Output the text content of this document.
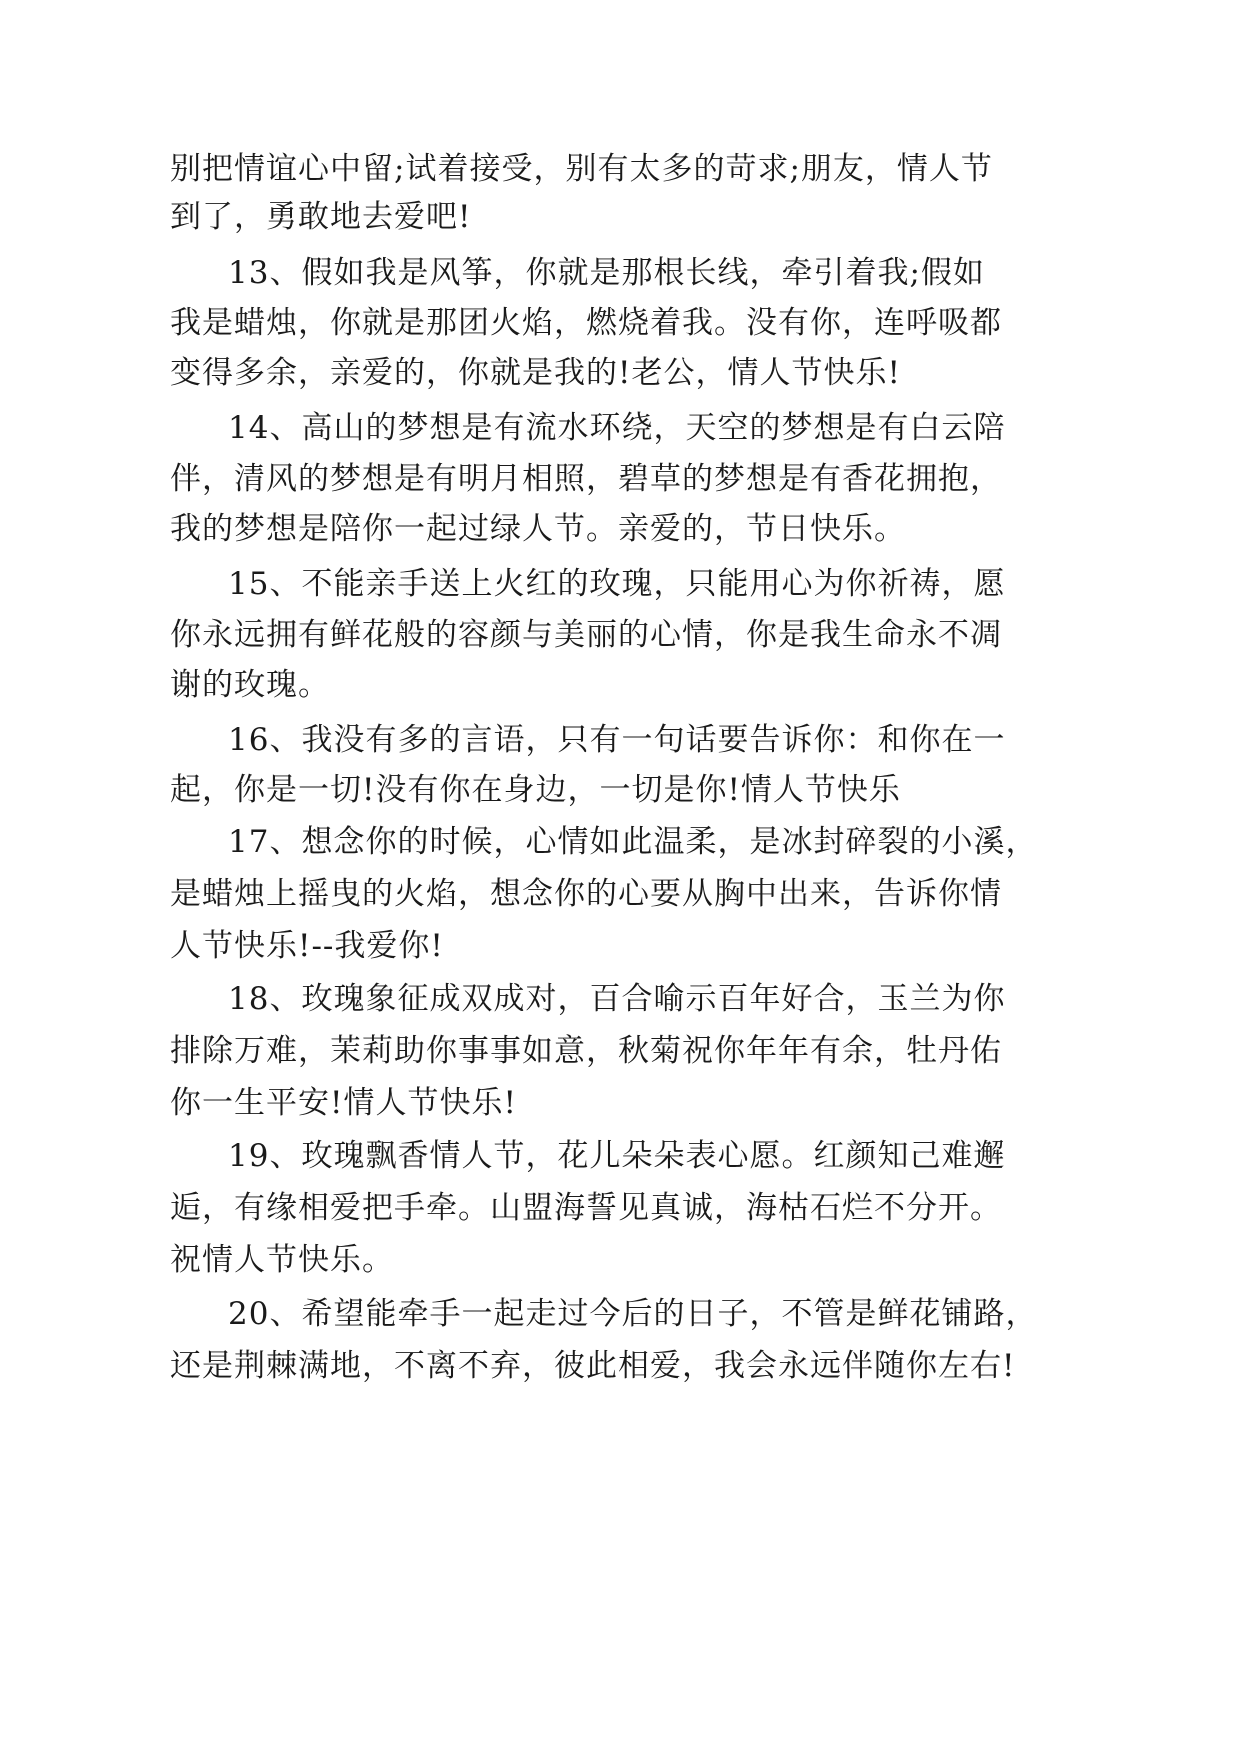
别把情谊心中留;试着接受，别有太多的苛求;朋友，情人节
到了，勇敢地去爱吧!
13、假如我是风筝，你就是那根长线，牵引着我;假如
我是蜡烛，你就是那团火焰，燃烧着我。没有你，连呼吸都
变得多余，亲爱的，你就是我的!老公，情人节快乐!
14、高山的梦想是有流水环绕，天空的梦想是有白云陪
伴，清风的梦想是有明月相照，碧草的梦想是有香花拥抱，
我的梦想是陪你一起过绿人节。亲爱的，节日快乐。
15、不能亲手送上火红的玫瑰，只能用心为你祈祷，愿
你永远拥有鲜花般的容颜与美丽的心情，你是我生命永不凋
谢的玫瑰。
16、我没有多的言语，只有一句话要告诉你：和你在一
起，你是一切!没有你在身边，一切是你!情人节快乐
17、想念你的时候，心情如此温柔，是冰封碎裂的小溪，
是蜡烛上摇曳的火焰，想念你的心要从胸中出来，告诉你情
人节快乐!--我爱你!
18、玫瑰象征成双成对，百合喻示百年好合，玉兰为你
排除万难，茉莉助你事事如意，秋菊祝你年年有余，牡丹佑
你一生平安!情人节快乐!
19、玫瑰飘香情人节，花儿朵朵表心愿。红颜知己难邂
逅，有缘相爱把手牵。山盟海誓见真诚，海枯石烂不分开。
祝情人节快乐。
20、希望能牵手一起走过今后的日子，不管是鲜花铺路，
还是荆棘满地，不离不弃，彼此相爱，我会永远伴随你左右!
